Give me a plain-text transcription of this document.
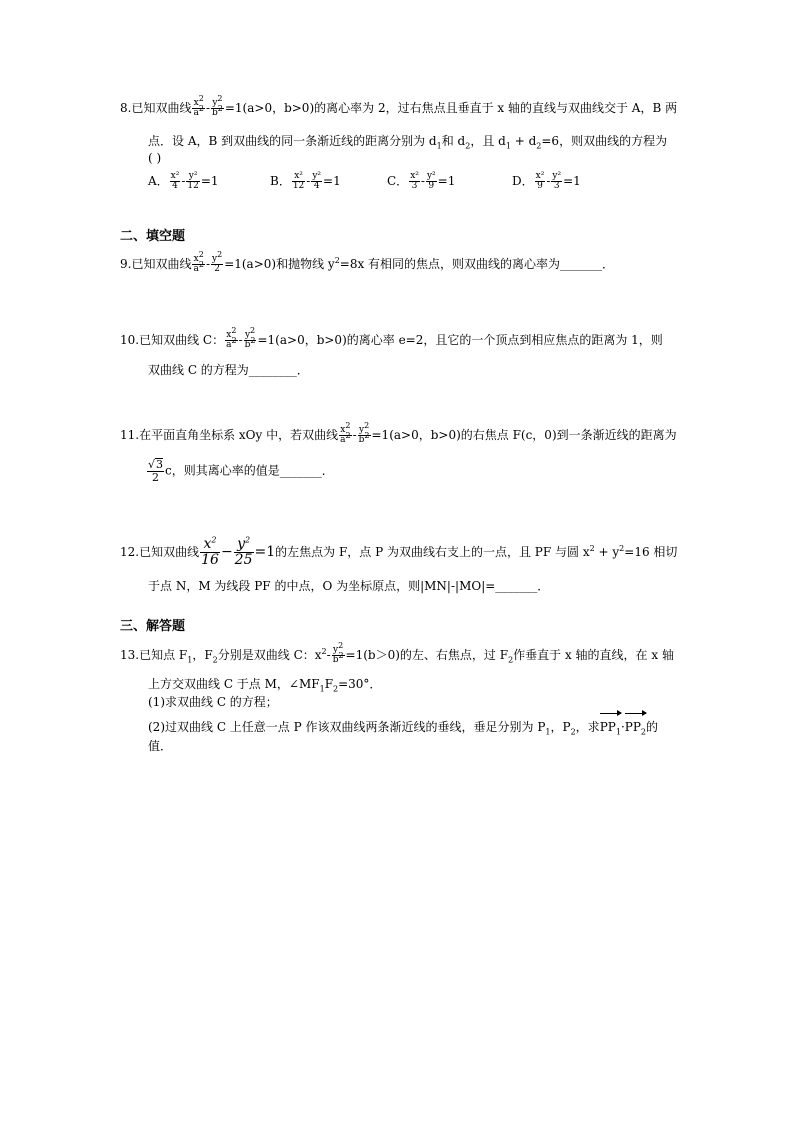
8.已知双曲线 $\frac{x^2}{a^2} - \frac{y^2}{b^2} =1(a>0$，b>0)的离心率为 2，过右焦点且垂直于 x 轴的直线与双曲线交于 A，B 两
点．设 A，B 到双曲线的同一条渐近线的距离分别为 $d_1$和 $d_2$，且 $d_1 + d_2=6$，则双曲线的方程为
( )
A． $\frac{\text{x²}}{4} - \frac{\text{y²}}{12} =1$	B． $\frac{\text{x²}}{12} - \frac{\text{y²}}{4} =1$	C． $\frac{\text{x²}}{3} - \frac{\text{y²}}{9} =1$	D． $\frac{\text{x²}}{9} - \frac{\text{y²}}{3} =1$
二、填空题
9.已知双曲线 $\frac{x^2}{a^2} - \frac{y^2}{2} =1(a>0)$和抛物线 $y^2=8x$ 有相同的焦点，则双曲线的离心率为_______．
10.已知双曲线 C： $\frac{x^2}{a^2} - \frac{y^2}{b^2} =1(a>0$，b>0)的离心率 e=2，且它的一个顶点到相应焦点的距离为 1，则
双曲线 C 的方程为________．
11.在平面直角坐标系 xOy 中，若双曲线 $\frac{x^2}{a^2} - \frac{y^2}{b^2} =1(a>0$，b>0)的右焦点 F(c，0)到一条渐近线的距离为
$\frac{√3}{2}$ c，则其离心率的值是_______．
12.已知双曲线 $\frac{x^2}{16} - \frac{y^2}{25} =1$的左焦点为 F，点 P 为双曲线右支上的一点，且 PF 与圆 $x^2 + y^2=16$ 相切
于点 N，M 为线段 PF 的中点，O 为坐标原点，则|MN|-|MO|=_______．
三、解答题
13.已知点 $F_1$，$F_2$分别是双曲线 C：$x^2- \frac{y^2}{b^2} =1(b>0)$的左、右焦点，过 $F_2$作垂直于 x 轴的直线，在 x 轴
上方交双曲线 C 于点 M，$\angle MF_1F_2=30^\circ$．
(1)求双曲线 C 的方程；
(2)过双曲线 C 上任意一点 P 作该双曲线两条渐近线的垂线，垂足分别为 $P_1$，$P_2$，求$PP_1\cdot PP_2$的
值．
